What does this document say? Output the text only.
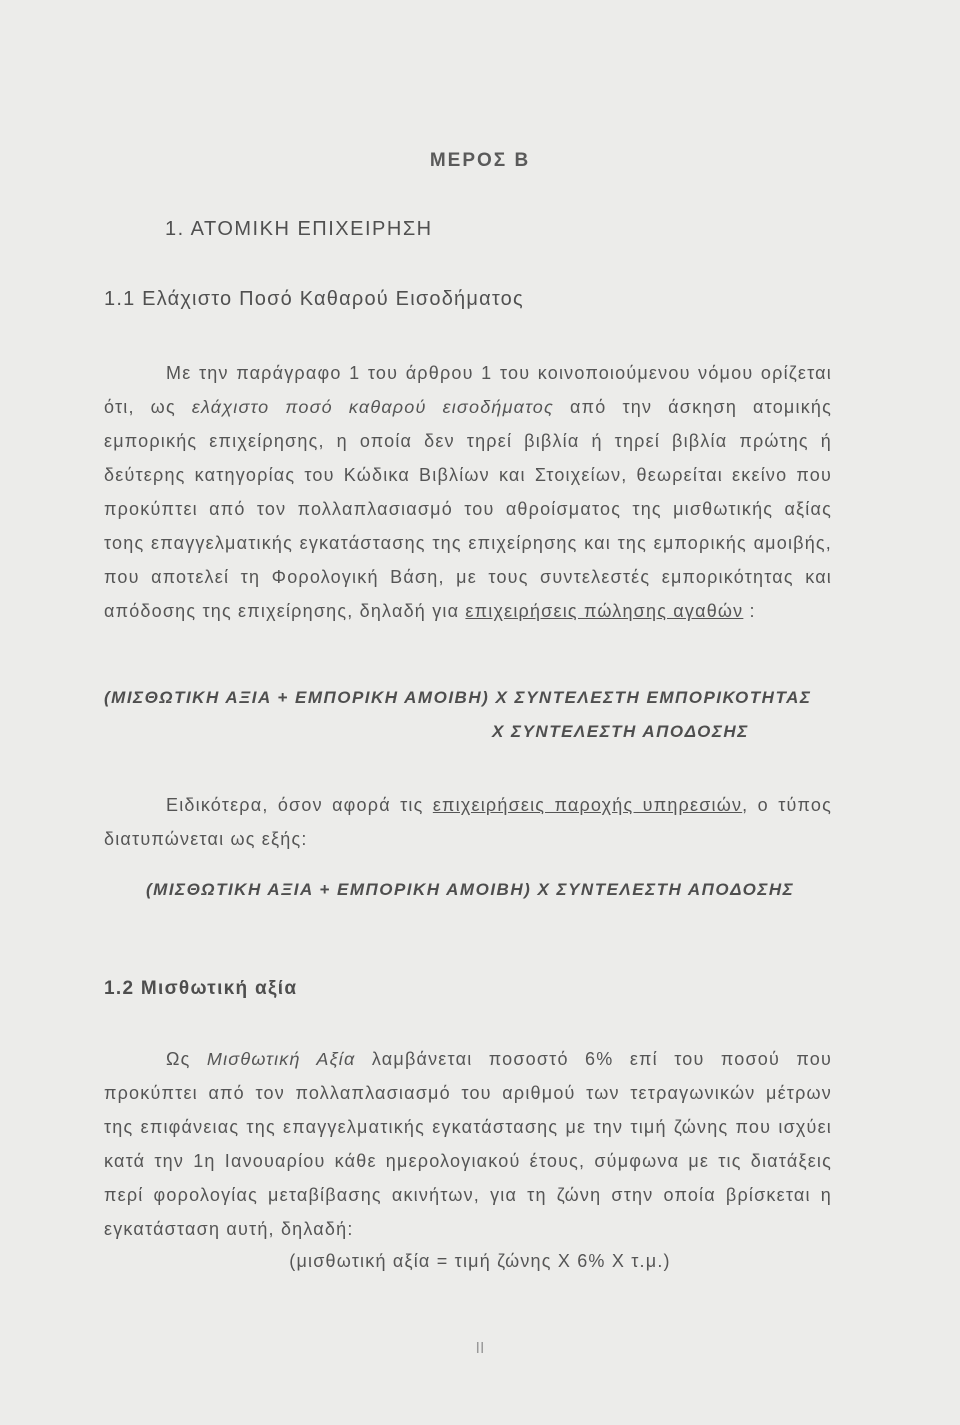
ΜΕΡΟΣ Β
1. ΑΤΟΜΙΚΗ ΕΠΙΧΕΙΡΗΣΗ
1.1 Ελάχιστο Ποσό Καθαρού Εισοδήματος

Με την παράγραφο 1 του άρθρου 1 του κοινοποιούμενου νόμου ορίζεται ότι, ως ελάχιστο ποσό καθαρού εισοδήματος από την άσκηση ατομικής εμπορικής επιχείρησης, η οποία δεν τηρεί βιβλία ή τηρεί βιβλία πρώτης ή δεύτερης κατηγορίας του Κώδικα Βιβλίων και Στοιχείων, θεωρείται εκείνο που προκύπτει από τον πολλαπλασιασμό του αθροίσματος της μισθωτικής αξίας τοης επαγγελματικής εγκατάστασης της επιχείρησης και της εμπορικής αμοιβής, που αποτελεί τη Φορολογική Βάση, με τους συντελεστές εμπορικότητας και απόδοσης της επιχείρησης, δηλαδή για επιχειρήσεις πώλησης αγαθών :

(ΜΙΣΘΩΤΙΚΗ ΑΞΙΑ + ΕΜΠΟΡΙΚΗ ΑΜΟΙΒΗ) Χ ΣΥΝΤΕΛΕΣΤΗ ΕΜΠΟΡΙΚΟΤΗΤΑΣ
Χ ΣΥΝΤΕΛΕΣΤΗ ΑΠΟΔΟΣΗΣ

Ειδικότερα, όσον αφορά τις επιχειρήσεις παροχής υπηρεσιών, ο τύπος διατυπώνεται ως εξής:

(ΜΙΣΘΩΤΙΚΗ ΑΞΙΑ + ΕΜΠΟΡΙΚΗ ΑΜΟΙΒΗ) Χ ΣΥΝΤΕΛΕΣΤΗ ΑΠΟΔΟΣΗΣ
1.2 Μισθωτική αξία

Ως Μισθωτική Αξία λαμβάνεται ποσοστό 6% επί του ποσού που προκύπτει από τον πολλαπλασιασμό του αριθμού των τετραγωνικών μέτρων της επιφάνειας της επαγγελματικής εγκατάστασης με την τιμή ζώνης που ισχύει κατά την 1η Ιανουαρίου κάθε ημερολογιακού έτους, σύμφωνα με τις διατάξεις περί φορολογίας μεταβίβασης ακινήτων, για τη ζώνη στην οποία βρίσκεται η εγκατάσταση αυτή, δηλαδή:

(μισθωτική αξία = τιμή ζώνης Χ 6% Χ τ.μ.)
II
